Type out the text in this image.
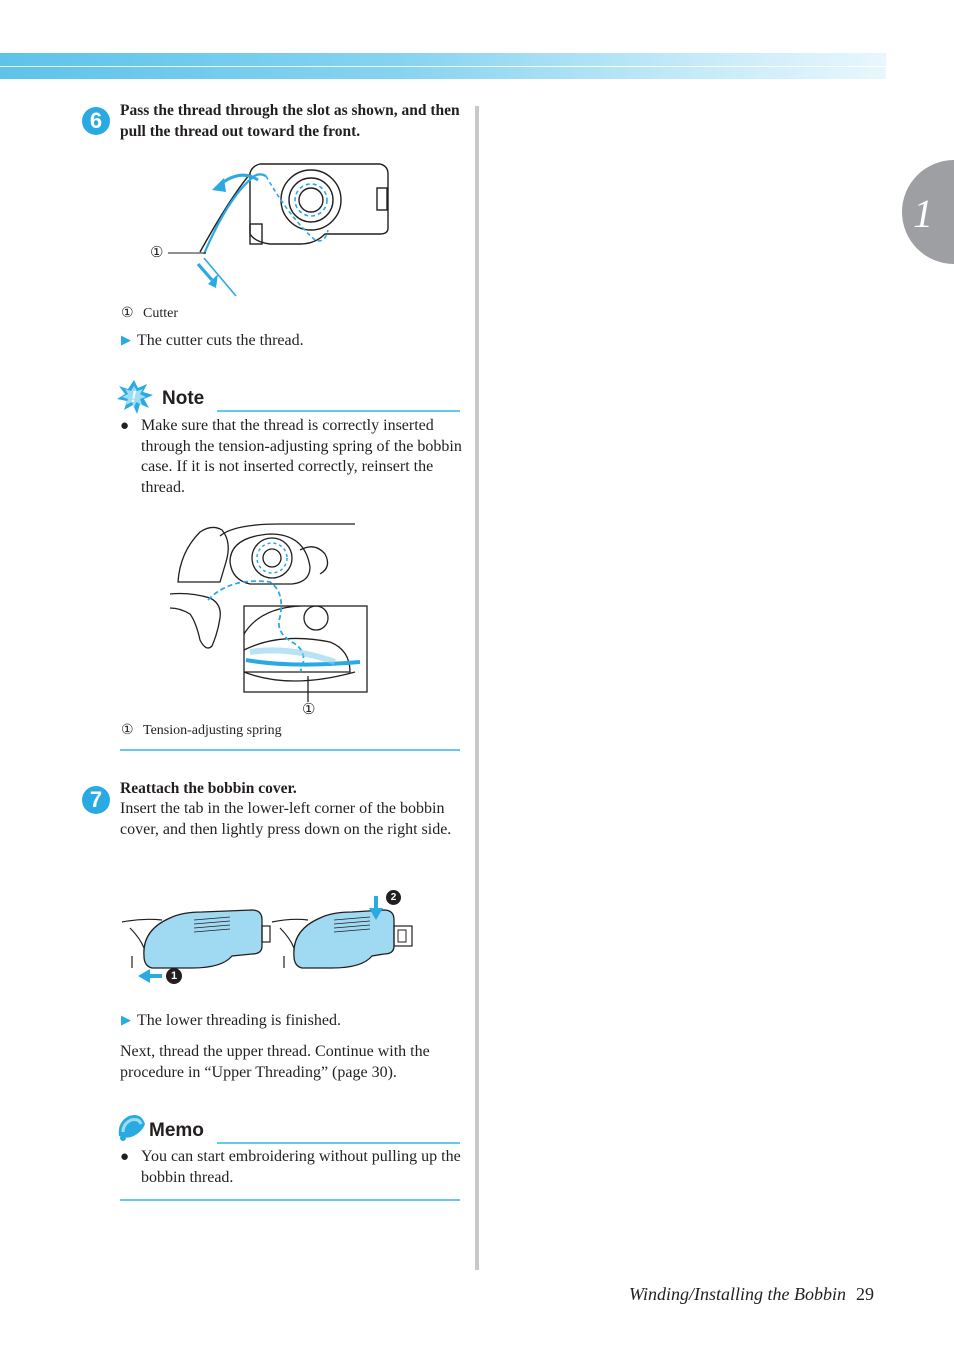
1
6	Pass the thread through the slot as shown, and then pull the thread out toward the front.
①
① Cutter
▶ The cutter cuts the thread.
! Note
● Make sure that the thread is correctly inserted through the tension-adjusting spring of the bobbin case. If it is not inserted correctly, reinsert the thread.
①
① Tension-adjusting spring
7	Reattach the bobbin cover.
Insert the tab in the lower-left corner of the bobbin cover, and then lightly press down on the right side.
1
2
▶ The lower threading is finished.
Next, thread the upper thread. Continue with the procedure in “Upper Threading” (page 30).
Memo
● You can start embroidering without pulling up the bobbin thread.
Winding/Installing the Bobbin 29
